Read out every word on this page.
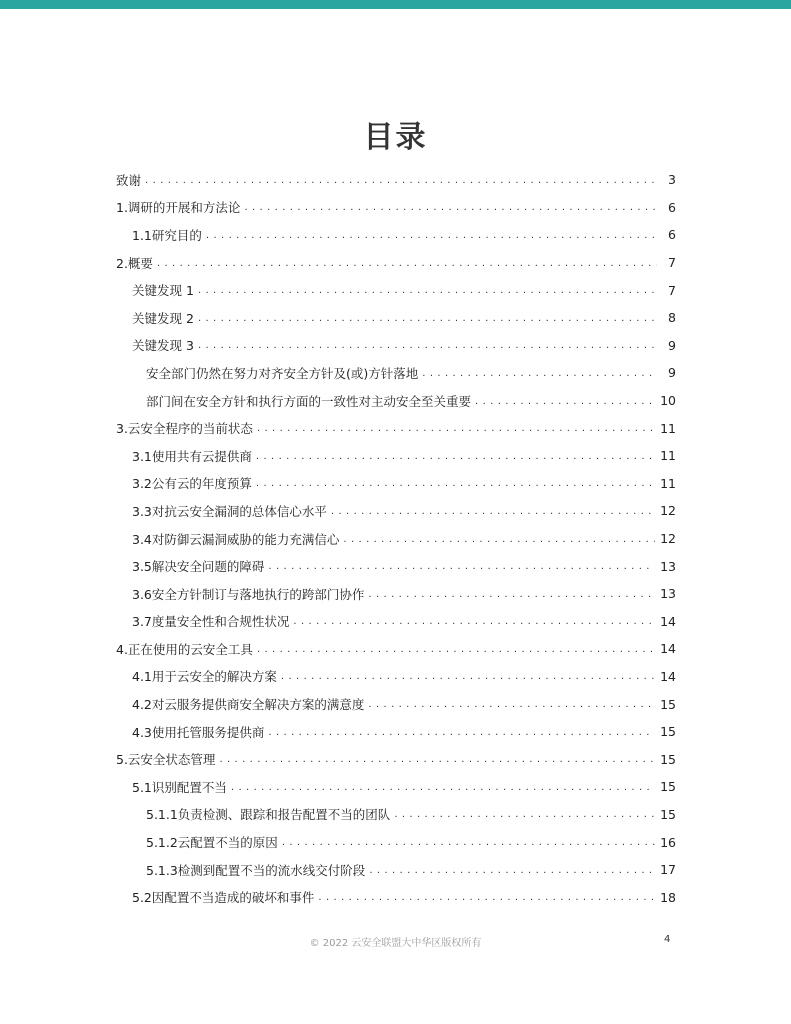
目录
致谢 . . .	3
1.调研的开展和方法论 . . .	6
1.1研究目的 . . .	6
2.概要 . . .	7
关键发现 1 . . .	7
关键发现 2 . . .	8
关键发现 3 . . .	9
安全部门仍然在努力对齐安全方针及(或)方针落地 . . .	9
部门间在安全方针和执行方面的一致性对主动安全至关重要 . . .	10
3.云安全程序的当前状态 . . .	11
3.1使用共有云提供商 . . .	11
3.2公有云的年度预算 . . .	11
3.3对抗云安全漏洞的总体信心水平 . . .	12
3.4对防御云漏洞威胁的能力充满信心 . . .	12
3.5解决安全问题的障碍 . . .	13
3.6安全方针制订与落地执行的跨部门协作 . . .	13
3.7度量安全性和合规性状况 . . .	14
4.正在使用的云安全工具 . . .	14
4.1用于云安全的解决方案 . . .	14
4.2对云服务提供商安全解决方案的满意度 . . .	15
4.3使用托管服务提供商 . . .	15
5.云安全状态管理 . . .	15
5.1识别配置不当 . . .	15
5.1.1负责检测、跟踪和报告配置不当的团队 . . .	15
5.1.2云配置不当的原因 . . .	16
5.1.3检测到配置不当的流水线交付阶段 . . .	17
5.2因配置不当造成的破坏和事件 . . .	18
© 2022 云安全联盟大中华区版权所有	4
